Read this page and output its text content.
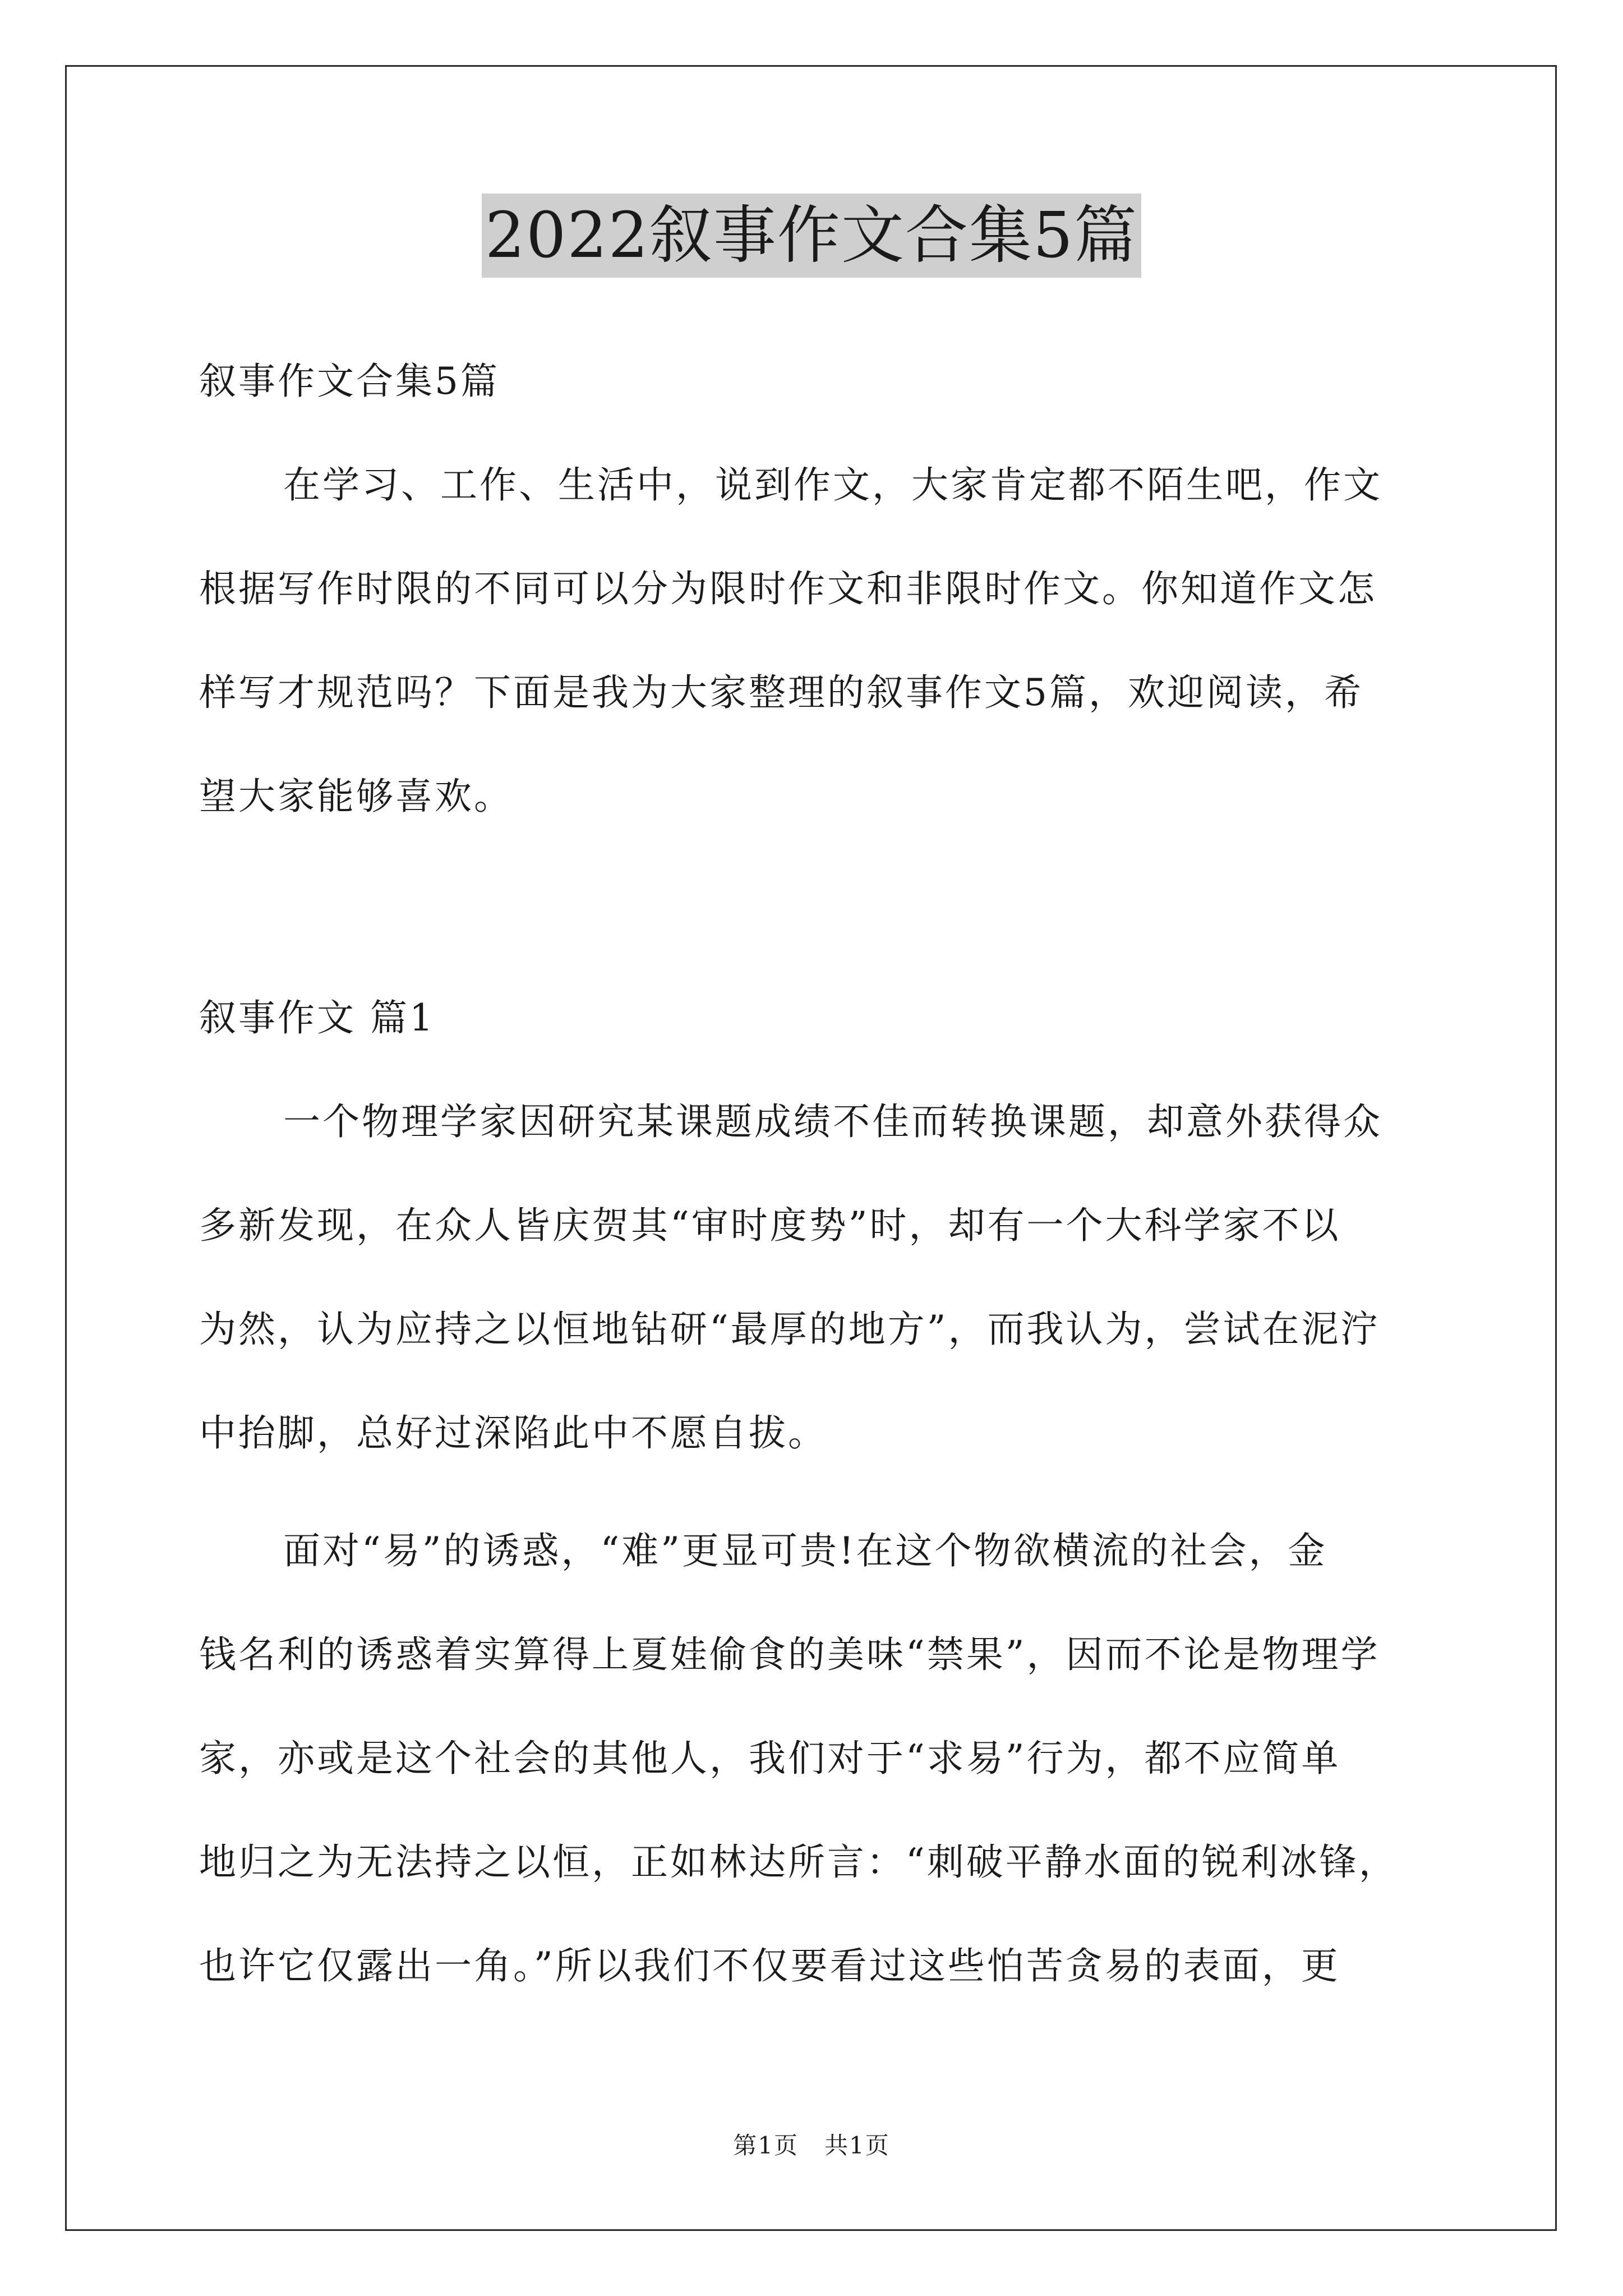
2022叙事作文合集5篇
叙事作文合集5篇
在学习、工作、生活中，说到作文，大家肯定都不陌生吧，作文
根据写作时限的不同可以分为限时作文和非限时作文。你知道作文怎
样写才规范吗？下面是我为大家整理的叙事作文5篇，欢迎阅读，希
望大家能够喜欢。
叙事作文 篇1
一个物理学家因研究某课题成绩不佳而转换课题，却意外获得众
多新发现，在众人皆庆贺其“审时度势”时，却有一个大科学家不以
为然，认为应持之以恒地钻研“最厚的地方”，而我认为，尝试在泥泞
中抬脚，总好过深陷此中不愿自拔。
面对“易”的诱惑，“难”更显可贵!在这个物欲横流的社会，金
钱名利的诱惑着实算得上夏娃偷食的美味“禁果”，因而不论是物理学
家，亦或是这个社会的其他人，我们对于“求易”行为，都不应简单
地归之为无法持之以恒，正如林达所言：“刺破平静水面的锐利冰锋，
也许它仅露出一角。”所以我们不仅要看过这些怕苦贪易的表面，更
第1页 共1页
